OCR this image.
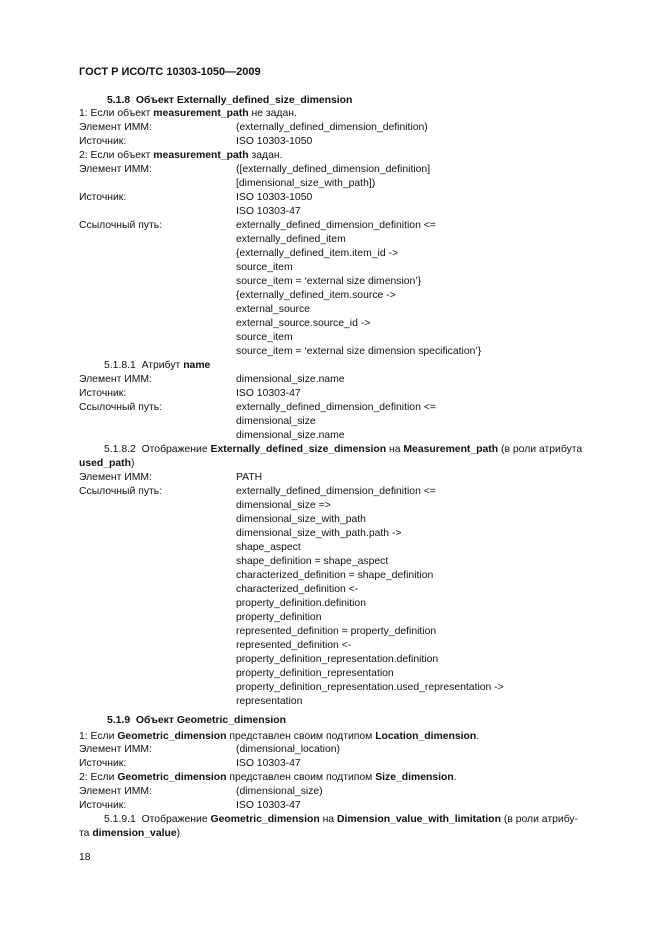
ГОСТ Р ИСО/ТС 10303-1050—2009
5.1.8 Объект Externally_defined_size_dimension
1: Если объект measurement_path не задан.
Элемент ИММ:	(externally_defined_dimension_definition)
Источник:	ISO 10303-1050
2: Если объект measurement_path задан.
Элемент ИММ:	([externally_defined_dimension_definition]
[dimensional_size_with_path])
Источник:	ISO 10303-1050
ISO 10303-47
Ссылочный путь:	externally_defined_dimension_definition <=
externally_defined_item
{externally_defined_item.item_id ->
source_item
source_item = ‘external size dimension’}
{externally_defined_item.source ->
external_source
external_source.source_id ->
source_item
source_item = ‘external size dimension specification’}
5.1.8.1 Атрибут name
Элемент ИММ:	dimensional_size.name
Источник:	ISO 10303-47
Ссылочный путь:	externally_defined_dimension_definition <=
dimensional_size
dimensional_size.name
5.1.8.2 Отображение Externally_defined_size_dimension на Measurement_path (в роли атрибута
used_path)
Элемент ИММ:	PATH
Ссылочный путь:	externally_defined_dimension_definition <=
dimensional_size =>
dimensional_size_with_path
dimensional_size_with_path.path ->
shape_aspect
shape_definition = shape_aspect
characterized_definition = shape_definition
characterized_definition <-
property_definition.definition
property_definition
represented_definition = property_definition
represented_definition <-
property_definition_representation.definition
property_definition_representation
property_definition_representation.used_representation ->
representation
5.1.9 Объект Geometric_dimension
1: Если Geometric_dimension представлен своим подтипом Location_dimension.
Элемент ИММ:	(dimensional_location)
Источник:	ISO 10303-47
2: Если Geometric_dimension представлен своим подтипом Size_dimension.
Элемент ИММ:	(dimensional_size)
Источник:	ISO 10303-47
5.1.9.1 Отображение Geometric_dimension на Dimension_value_with_limitation (в роли атрибу-
та dimension_value)
18
